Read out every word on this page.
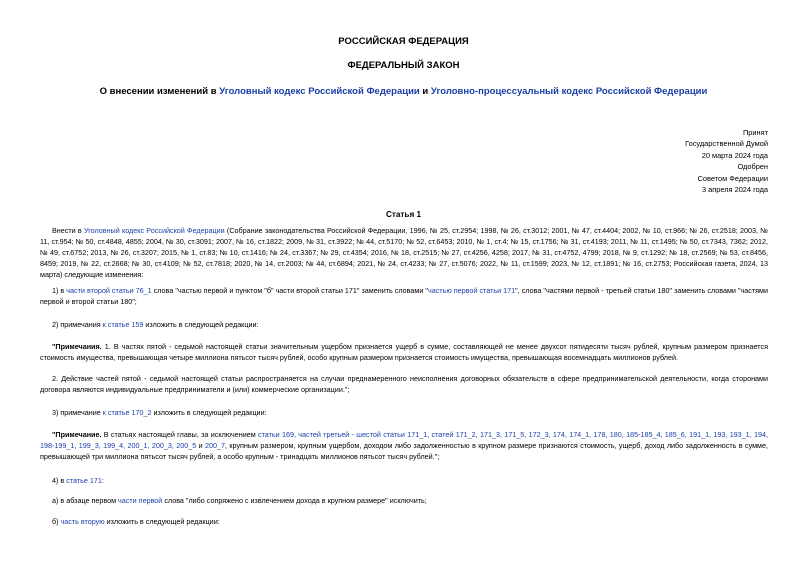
РОССИЙСКАЯ ФЕДЕРАЦИЯ
ФЕДЕРАЛЬНЫЙ ЗАКОН
О внесении изменений в Уголовный кодекс Российской Федерации и Уголовно-процессуальный кодекс Российской Федерации
Принят
Государственной Думой
20 марта 2024 года
Одобрен
Советом Федерации
3 апреля 2024 года
Статья 1

Внести в Уголовный кодекс Российской Федерации (Собрание законодательства Российской Федерации, 1996, № 25, ст.2954; 1998, № 26, ст.3012; 2001, № 47, ст.4404; 2002, № 10, ст.966; № 26, ст.2518; 2003, № 11, ст.954; № 50, ст.4848, 4855; 2004, № 30, ст.3091; 2007, № 16, ст.1822; 2009, № 31, ст.3922; № 44, ст.5170; № 52, ст.6453; 2010, № 1, ст.4; № 15, ст.1756; № 31, ст.4193; 2011, № 11, ст.1495; № 50, ст.7343, 7362; 2012, № 49, ст.6752; 2013, № 26, ст.3207; 2015, № 1, ст.83; № 10, ст.1416; № 24, ст.3367; № 29, ст.4354; 2016, № 18, ст.2515; № 27, ст.4256, 4258; 2017, № 31, ст.4752, 4799; 2018, № 9, ст.1292; № 18, ст.2569; № 53, ст.8456, 8459; 2019, № 22, ст.2668; № 30, ст.4109; № 52, ст.7818; 2020, № 14, ст.2003; № 44, ст.6894; 2021, № 24, ст.4233; № 27, ст.5076; 2022, № 11, ст.1599; 2023, № 12, ст.1891; № 16, ст.2753; Российская газета, 2024, 13 марта) следующие изменения:

1) в части второй статьи 76_1 слова "частью первой и пунктом "б" части второй статьи 171" заменить словами "частью первой статьи 171", слова "частями первой - третьей статьи 180" заменить словами "частями первой и второй статьи 180";

2) примечания к статье 159 изложить в следующей редакции:

"Примечания. 1. В частях пятой - седьмой настоящей статьи значительным ущербом признается ущерб в сумме, составляющей не менее двухсот пятидесяти тысяч рублей, крупным размером признается стоимость имущества, превышающая четыре миллиона пятьсот тысяч рублей, особо крупным размером признается стоимость имущества, превышающая восемнадцать миллионов рублей.

2. Действие частей пятой - седьмой настоящей статьи распространяется на случаи преднамеренного неисполнения договорных обязательств в сфере предпринимательской деятельности, когда сторонами договора являются индивидуальные предприниматели и (или) коммерческие организации.";

3) примечание к статье 170_2 изложить в следующей редакции:

"Примечание. В статьях настоящей главы, за исключением статьи 169, частей третьей - шестой статьи 171_1, статей 171_2, 171_3, 171_5, 172_3, 174, 174_1, 178, 180, 185-185_4, 185_6, 191_1, 193, 193_1, 194, 198-199_1, 199_3, 199_4, 200_1, 200_3, 200_5 и 200_7, крупным размером, крупным ущербом, доходом либо задолженностью в крупном размере признаются стоимость, ущерб, доход либо задолженность в сумме, превышающей три миллиона пятьсот тысяч рублей, а особо крупным - тринадцать миллионов пятьсот тысяч рублей.";

4) в статье 171:

а) в абзаце первом части первой слова "либо сопряжено с извлечением дохода в крупном размере" исключить;

б) часть вторую изложить в следующей редакции:
